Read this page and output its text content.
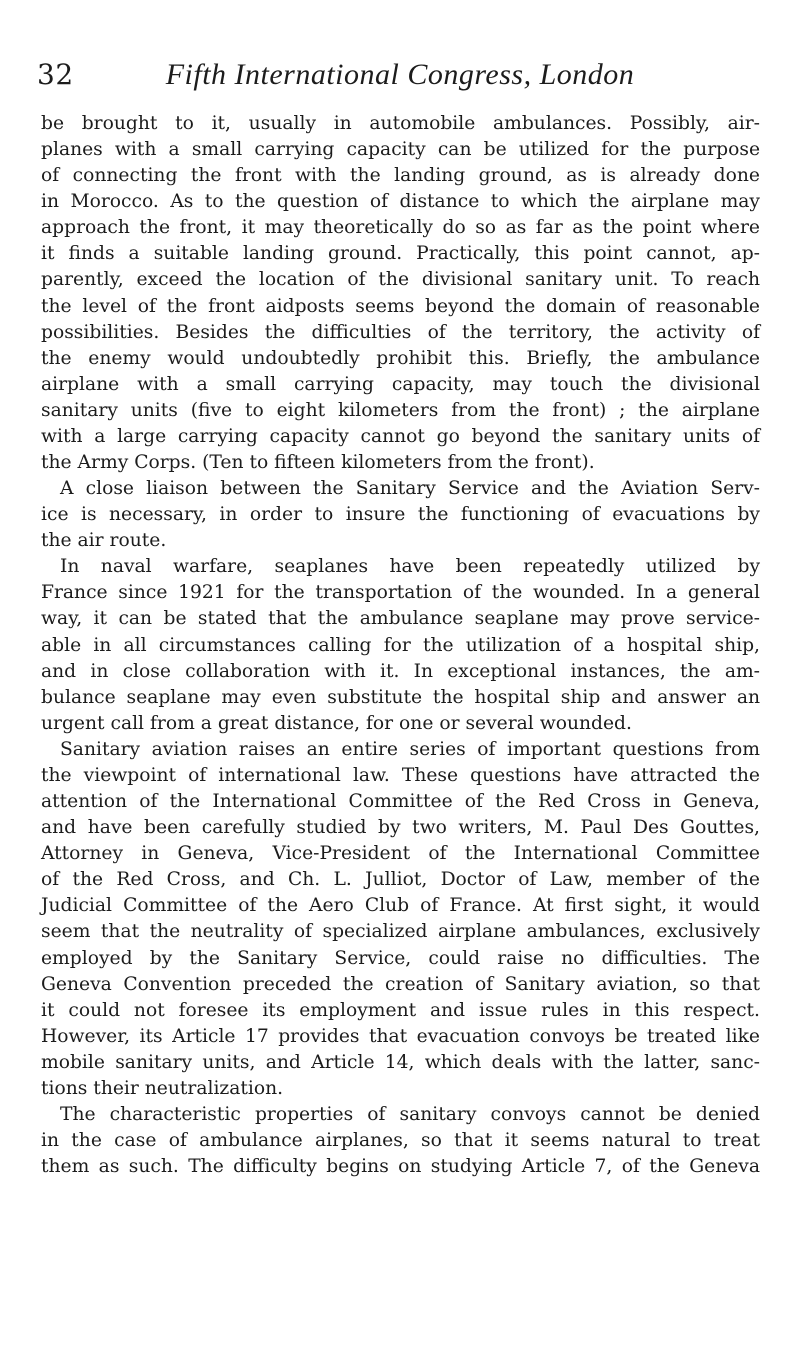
32	Fifth International Congress, London
be brought to it, usually in automobile ambulances. Possibly, air-
planes with a small carrying capacity can be utilized for the purpose
of connecting the front with the landing ground, as is already done
in Morocco. As to the question of distance to which the airplane may
approach the front, it may theoretically do so as far as the point where
it finds a suitable landing ground. Practically, this point cannot, ap-
parently, exceed the location of the divisional sanitary unit. To reach
the level of the front aidposts seems beyond the domain of reasonable
possibilities. Besides the difficulties of the territory, the activity of
the enemy would undoubtedly prohibit this. Briefly, the ambulance
airplane with a small carrying capacity, may touch the divisional
sanitary units (five to eight kilometers from the front) ; the airplane
with a large carrying capacity cannot go beyond the sanitary units of
the Army Corps. (Ten to fifteen kilometers from the front).
A close liaison between the Sanitary Service and the Aviation Serv-
ice is necessary, in order to insure the functioning of evacuations by
the air route.
In naval warfare, seaplanes have been repeatedly utilized by
France since 1921 for the transportation of the wounded. In a general
way, it can be stated that the ambulance seaplane may prove service-
able in all circumstances calling for the utilization of a hospital ship,
and in close collaboration with it. In exceptional instances, the am-
bulance seaplane may even substitute the hospital ship and answer an
urgent call from a great distance, for one or several wounded.
Sanitary aviation raises an entire series of important questions from
the viewpoint of international law. These questions have attracted the
attention of the International Committee of the Red Cross in Geneva,
and have been carefully studied by two writers, M. Paul Des Gouttes,
Attorney in Geneva, Vice-President of the International Committee
of the Red Cross, and Ch. L. Julliot, Doctor of Law, member of the
Judicial Committee of the Aero Club of France. At first sight, it would
seem that the neutrality of specialized airplane ambulances, exclusively
employed by the Sanitary Service, could raise no difficulties. The
Geneva Convention preceded the creation of Sanitary aviation, so that
it could not foresee its employment and issue rules in this respect.
However, its Article 17 provides that evacuation convoys be treated like
mobile sanitary units, and Article 14, which deals with the latter, sanc-
tions their neutralization.
The characteristic properties of sanitary convoys cannot be denied
in the case of ambulance airplanes, so that it seems natural to treat
them as such. The difficulty begins on studying Article 7, of the Geneva
